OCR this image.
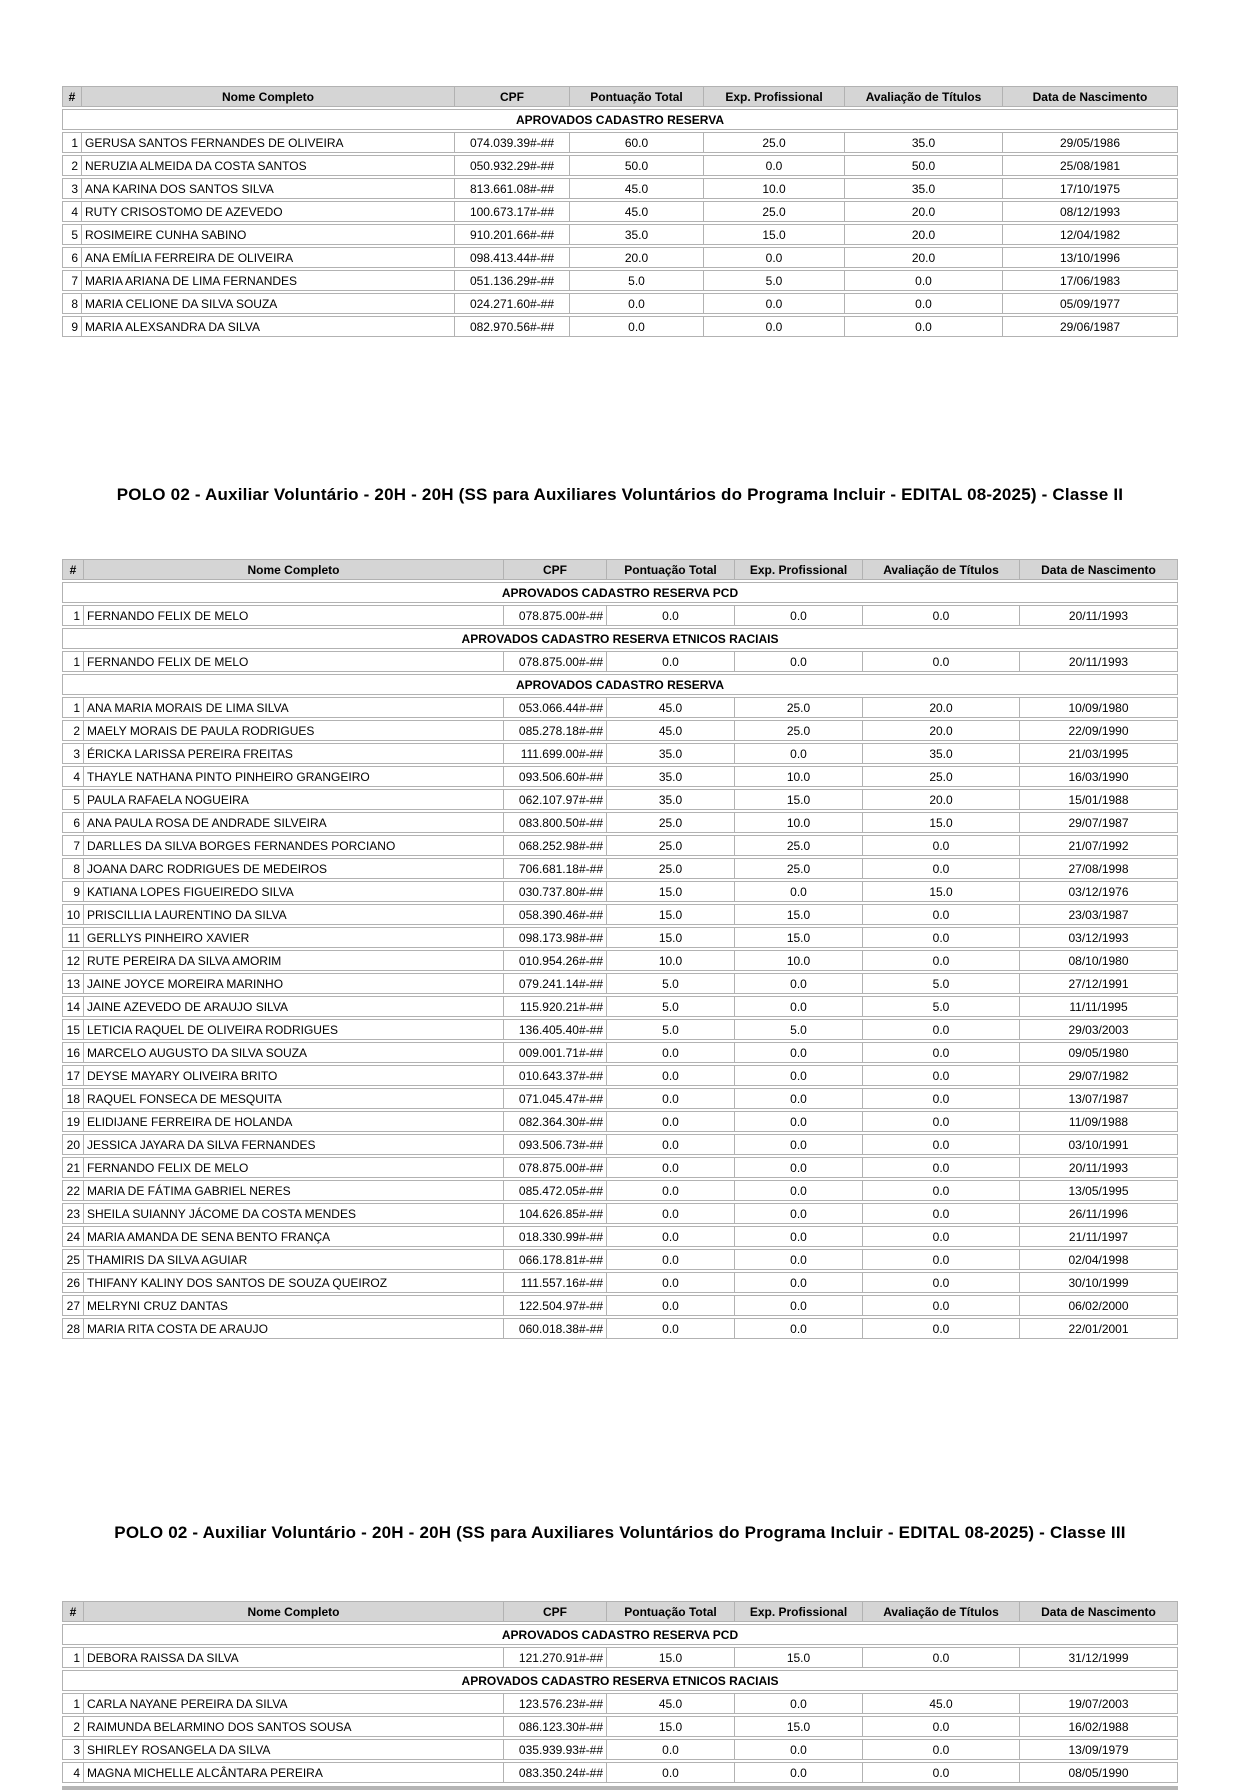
#	Nome Completo	CPF	Pontuação Total	Exp. Profissional	Avaliação de Títulos	Data de Nascimento
APROVADOS CADASTRO RESERVA						
1	GERUSA SANTOS FERNANDES DE OLIVEIRA	074.039.39#-##	60.0	25.0	35.0	29/05/1986
2	NERUZIA ALMEIDA DA COSTA SANTOS	050.932.29#-##	50.0	0.0	50.0	25/08/1981
3	ANA KARINA DOS SANTOS SILVA	813.661.08#-##	45.0	10.0	35.0	17/10/1975
4	RUTY CRISOSTOMO DE AZEVEDO	100.673.17#-##	45.0	25.0	20.0	08/12/1993
5	ROSIMEIRE CUNHA SABINO	910.201.66#-##	35.0	15.0	20.0	12/04/1982
6	ANA EMÍLIA FERREIRA DE OLIVEIRA	098.413.44#-##	20.0	0.0	20.0	13/10/1996
7	MARIA ARIANA DE LIMA FERNANDES	051.136.29#-##	5.0	5.0	0.0	17/06/1983
8	MARIA CELIONE DA SILVA SOUZA	024.271.60#-##	0.0	0.0	0.0	05/09/1977
9	MARIA ALEXSANDRA DA SILVA	082.970.56#-##	0.0	0.0	0.0	29/06/1987
POLO 02 - Auxiliar Voluntário - 20H - 20H (SS para Auxiliares Voluntários do Programa Incluir - EDITAL 08-2025) - Classe II
#	Nome Completo	CPF	Pontuação Total	Exp. Profissional	Avaliação de Títulos	Data de Nascimento
APROVADOS CADASTRO RESERVA PCD						
1	FERNANDO FELIX DE MELO	078.875.00#-##	0.0	0.0	0.0	20/11/1993
APROVADOS CADASTRO RESERVA ETNICOS RACIAIS						
1	FERNANDO FELIX DE MELO	078.875.00#-##	0.0	0.0	0.0	20/11/1993
APROVADOS CADASTRO RESERVA						
1	ANA MARIA MORAIS DE LIMA SILVA	053.066.44#-##	45.0	25.0	20.0	10/09/1980
2	MAELY MORAIS DE PAULA RODRIGUES	085.278.18#-##	45.0	25.0	20.0	22/09/1990
3	ÉRICKA LARISSA PEREIRA FREITAS	111.699.00#-##	35.0	0.0	35.0	21/03/1995
4	THAYLE NATHANA PINTO PINHEIRO GRANGEIRO	093.506.60#-##	35.0	10.0	25.0	16/03/1990
5	PAULA RAFAELA NOGUEIRA	062.107.97#-##	35.0	15.0	20.0	15/01/1988
6	ANA PAULA ROSA DE ANDRADE SILVEIRA	083.800.50#-##	25.0	10.0	15.0	29/07/1987
7	DARLLES DA SILVA BORGES FERNANDES PORCIANO	068.252.98#-##	25.0	25.0	0.0	21/07/1992
8	JOANA DARC RODRIGUES DE MEDEIROS	706.681.18#-##	25.0	25.0	0.0	27/08/1998
9	KATIANA LOPES FIGUEIREDO SILVA	030.737.80#-##	15.0	0.0	15.0	03/12/1976
10	PRISCILLIA LAURENTINO DA SILVA	058.390.46#-##	15.0	15.0	0.0	23/03/1987
11	GERLLYS PINHEIRO XAVIER	098.173.98#-##	15.0	15.0	0.0	03/12/1993
12	RUTE PEREIRA DA SILVA AMORIM	010.954.26#-##	10.0	10.0	0.0	08/10/1980
13	JAINE JOYCE MOREIRA MARINHO	079.241.14#-##	5.0	0.0	5.0	27/12/1991
14	JAINE AZEVEDO DE ARAUJO SILVA	115.920.21#-##	5.0	0.0	5.0	11/11/1995
15	LETICIA RAQUEL DE OLIVEIRA RODRIGUES	136.405.40#-##	5.0	5.0	0.0	29/03/2003
16	MARCELO AUGUSTO DA SILVA SOUZA	009.001.71#-##	0.0	0.0	0.0	09/05/1980
17	DEYSE MAYARY OLIVEIRA BRITO	010.643.37#-##	0.0	0.0	0.0	29/07/1982
18	RAQUEL FONSECA DE MESQUITA	071.045.47#-##	0.0	0.0	0.0	13/07/1987
19	ELIDIJANE FERREIRA DE HOLANDA	082.364.30#-##	0.0	0.0	0.0	11/09/1988
20	JESSICA JAYARA DA SILVA FERNANDES	093.506.73#-##	0.0	0.0	0.0	03/10/1991
21	FERNANDO FELIX DE MELO	078.875.00#-##	0.0	0.0	0.0	20/11/1993
22	MARIA DE FÁTIMA GABRIEL NERES	085.472.05#-##	0.0	0.0	0.0	13/05/1995
23	SHEILA SUIANNY JÁCOME DA COSTA MENDES	104.626.85#-##	0.0	0.0	0.0	26/11/1996
24	MARIA AMANDA DE SENA BENTO FRANÇA	018.330.99#-##	0.0	0.0	0.0	21/11/1997
25	THAMIRIS DA SILVA AGUIAR	066.178.81#-##	0.0	0.0	0.0	02/04/1998
26	THIFANY KALINY DOS SANTOS DE SOUZA QUEIROZ	111.557.16#-##	0.0	0.0	0.0	30/10/1999
27	MELRYNI CRUZ DANTAS	122.504.97#-##	0.0	0.0	0.0	06/02/2000
28	MARIA RITA COSTA DE ARAUJO	060.018.38#-##	0.0	0.0	0.0	22/01/2001
POLO 02 - Auxiliar Voluntário - 20H - 20H (SS para Auxiliares Voluntários do Programa Incluir - EDITAL 08-2025) - Classe III
#	Nome Completo	CPF	Pontuação Total	Exp. Profissional	Avaliação de Títulos	Data de Nascimento
APROVADOS CADASTRO RESERVA PCD						
1	DEBORA RAISSA DA SILVA	121.270.91#-##	15.0	15.0	0.0	31/12/1999
APROVADOS CADASTRO RESERVA ETNICOS RACIAIS						
1	CARLA NAYANE PEREIRA DA SILVA	123.576.23#-##	45.0	0.0	45.0	19/07/2003
2	RAIMUNDA BELARMINO DOS SANTOS SOUSA	086.123.30#-##	15.0	15.0	0.0	16/02/1988
3	SHIRLEY ROSANGELA DA SILVA	035.939.93#-##	0.0	0.0	0.0	13/09/1979
4	MAGNA MICHELLE ALCÂNTARA PEREIRA	083.350.24#-##	0.0	0.0	0.0	08/05/1990
